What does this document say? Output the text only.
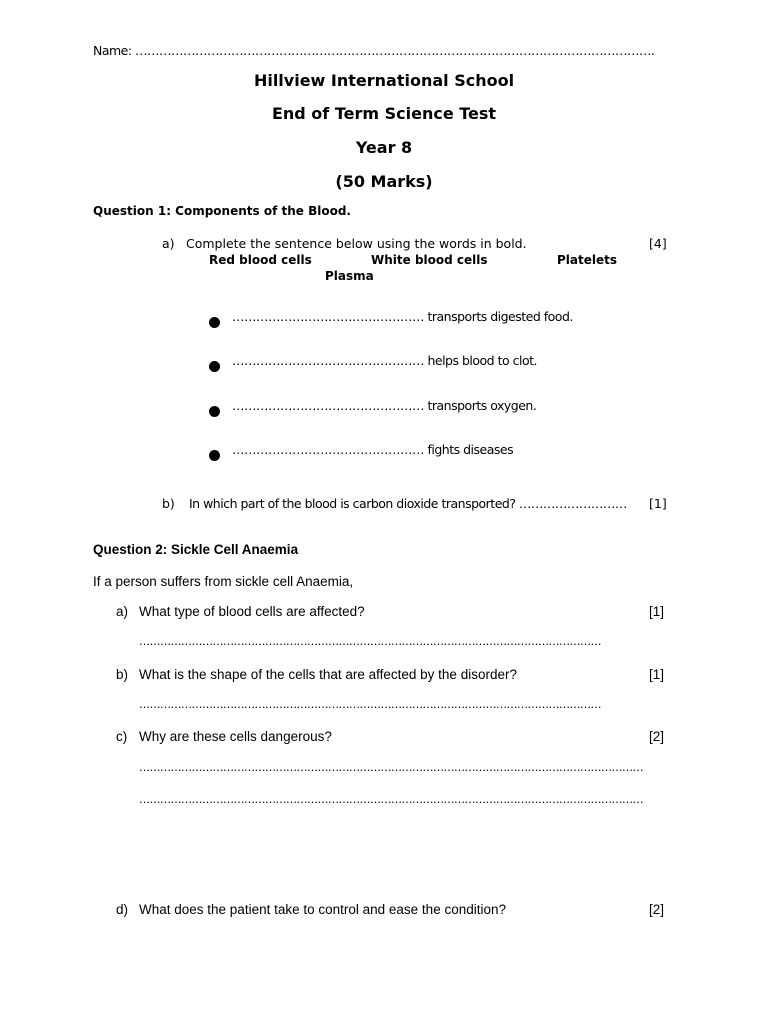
Name: ………………………………………………………………………………………………………………….
Hillview International School
End of Term Science Test
Year 8
(50 Marks)
Question 1: Components of the Blood.
a) Complete the sentence below using the words in bold.	[4]
Red blood cells	White blood cells	Platelets
Plasma
………………………………………… transports digested food.
………………………………………… helps blood to clot.
………………………………………… transports oxygen.
………………………………………… fights diseases
b) In which part of the blood is carbon dioxide transported? ……………………… [1]
Question 2: Sickle Cell Anaemia
If a person suffers from sickle cell Anaemia,
a) What type of blood cells are affected?	[1]
……………………………………………………………………………………………………………………
b) What is the shape of the cells that are affected by the disorder?	[1]
……………………………………………………………………………………………………………………
c) Why are these cells dangerous?	[2]
………………………………………………………………………………………………………………………………
………………………………………………………………………………………………………………………………
d) What does the patient take to control and ease the condition?	[2]
